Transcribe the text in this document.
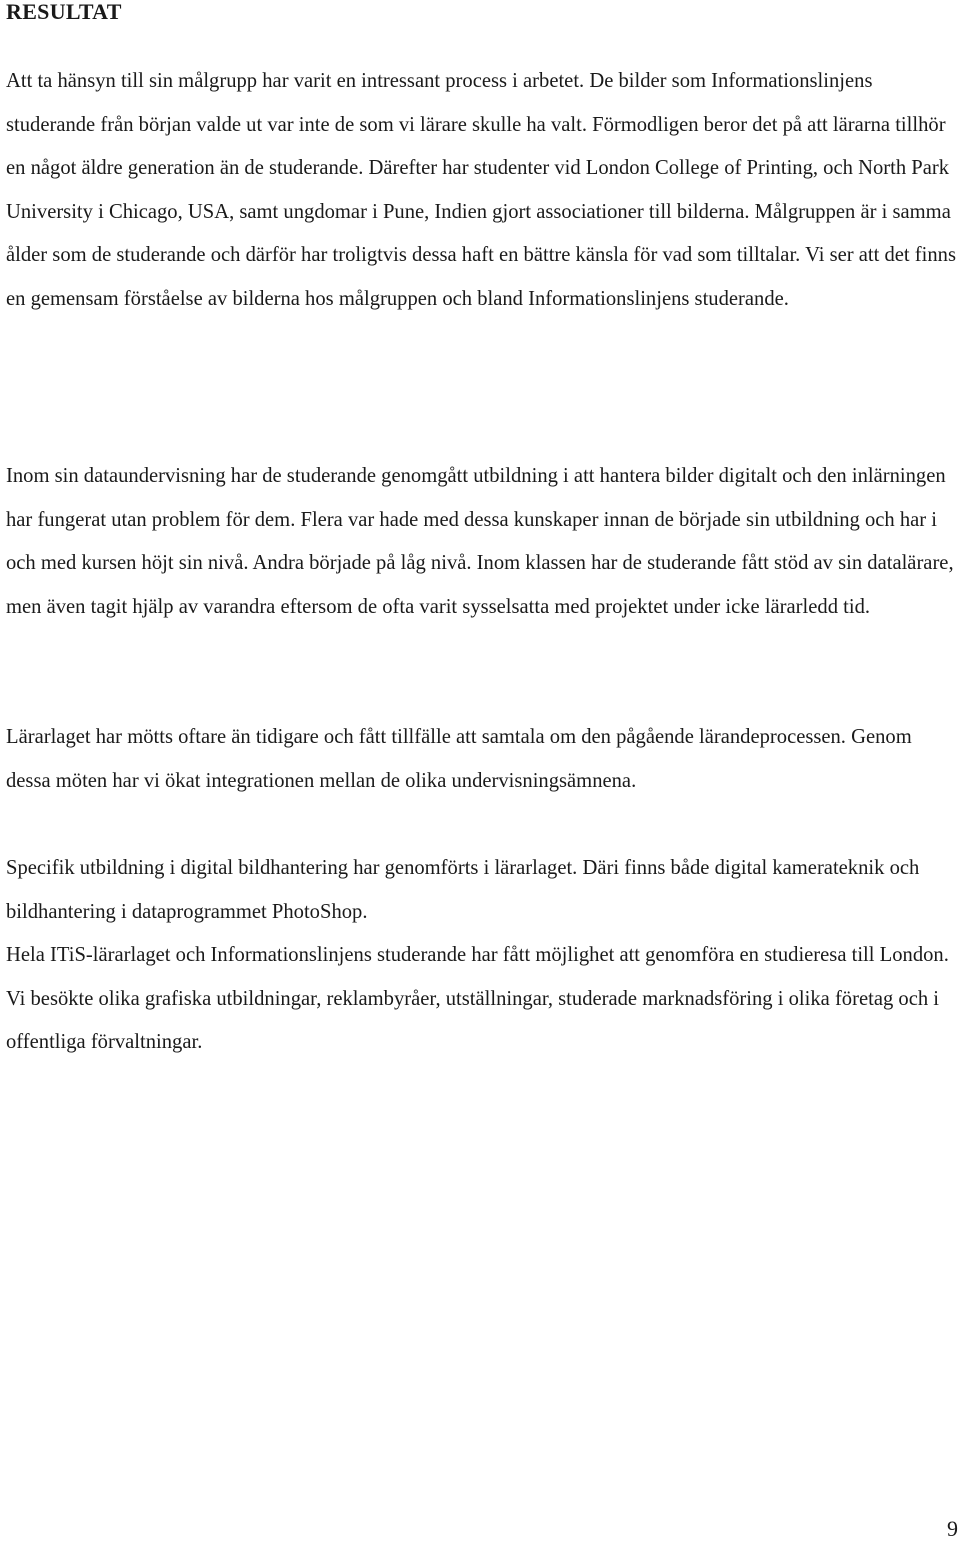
RESULTAT

Att ta hänsyn till sin målgrupp har varit en intressant process i arbetet. De bilder som Informationslinjens studerande från början valde ut var inte de som vi lärare skulle ha valt. Förmodligen beror det på att lärarna tillhör en något äldre generation än de studerande. Därefter har studenter vid London College of Printing, och North Park University i Chicago, USA, samt ungdomar i Pune, Indien gjort associationer till bilderna. Målgruppen är i samma ålder som de studerande och därför har troligtvis dessa haft en bättre känsla för vad som tilltalar. Vi ser att det finns en gemensam förståelse av bilderna hos målgruppen och bland Informationslinjens studerande.

Inom sin dataundervisning har de studerande genomgått utbildning i att hantera bilder digitalt och den inlärningen har fungerat utan problem för dem. Flera var hade med dessa kunskaper innan de började sin utbildning och har i och med kursen höjt sin nivå. Andra började på låg nivå. Inom klassen har de studerande fått stöd av sin datalärare, men även tagit hjälp av varandra eftersom de ofta varit sysselsatta med projektet under icke lärarledd tid.

Lärarlaget har mötts oftare än tidigare och fått tillfälle att samtala om den pågående lärandeprocessen. Genom dessa möten har vi ökat integrationen mellan de olika undervisningsämnena.

Specifik utbildning i digital bildhantering har genomförts i lärarlaget. Däri finns både digital kamerateknik och bildhantering i dataprogrammet PhotoShop.

Hela ITiS-lärarlaget och Informationslinjens studerande har fått möjlighet att genomföra en studieresa till London. Vi besökte olika grafiska utbildningar, reklambyråer, utställningar, studerade marknadsföring i olika företag och i offentliga förvaltningar.

9
